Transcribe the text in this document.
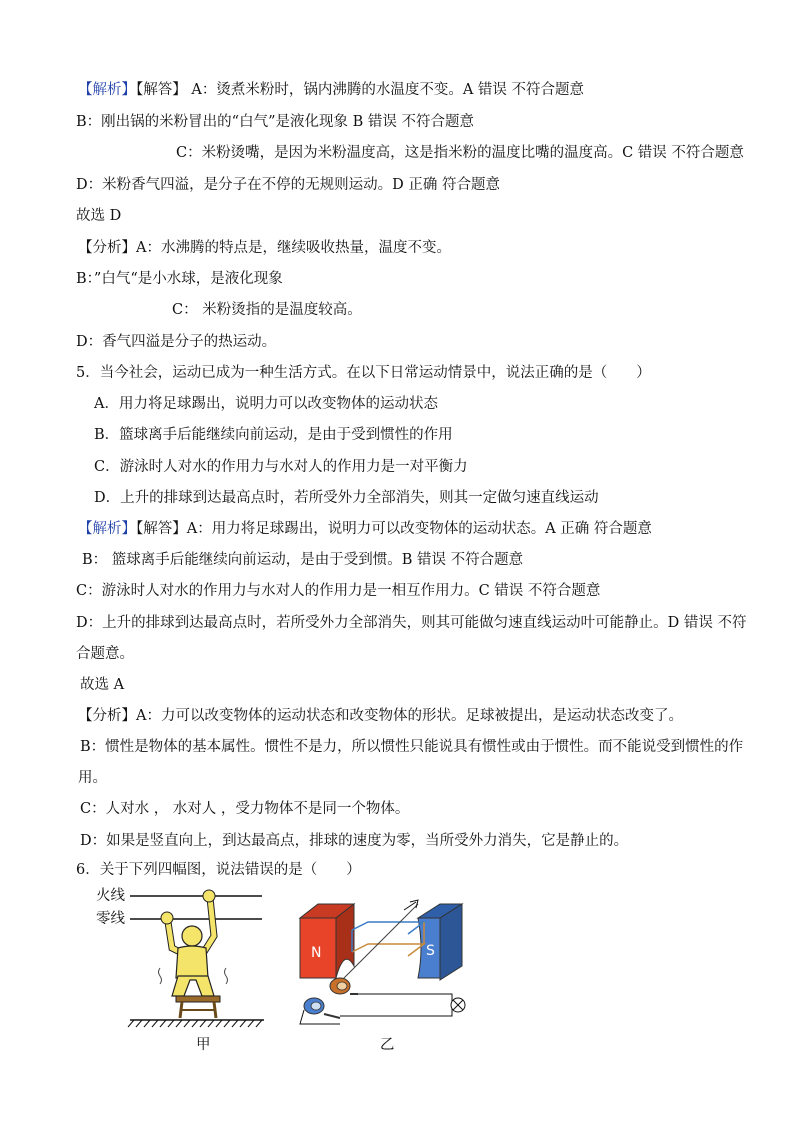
【解析】【解答】 A：烫煮米粉时，锅内沸腾的水温度不变。A 错误 不符合题意
B：刚出锅的米粉冒出的“白气”是液化现象 B 错误 不符合题意
C：米粉烫嘴，是因为米粉温度高，这是指米粉的温度比嘴的温度高。C 错误 不符合题意
D：米粉香气四溢，是分子在不停的无规则运动。D 正确 符合题意
故选 D
【分析】A：水沸腾的特点是，继续吸收热量，温度不变。
B：”白气“是小水球，是液化现象
C： 米粉烫指的是温度较高。
D：香气四溢是分子的热运动。
5．当今社会，运动已成为一种生活方式。在以下日常运动情景中，说法正确的是（　　）
A．用力将足球踢出，说明力可以改变物体的运动状态
B．篮球离手后能继续向前运动，是由于受到惯性的作用
C．游泳时人对水的作用力与水对人的作用力是一对平衡力
D．上升的排球到达最高点时，若所受外力全部消失，则其一定做匀速直线运动
【解析】【解答】A：用力将足球踢出，说明力可以改变物体的运动状态。A 正确 符合题意
B： 篮球离手后能继续向前运动，是由于受到惯。B 错误 不符合题意
C：游泳时人对水的作用力与水对人的作用力是一相互作用力。C 错误 不符合题意
D：上升的排球到达最高点时，若所受外力全部消失，则其可能做匀速直线运动叶可能静止。D 错误 不符
合题意。
故选 A
【分析】A：力可以改变物体的运动状态和改变物体的形状。足球被提出，是运动状态改变了。
B：惯性是物体的基本属性。惯性不是力，所以惯性只能说具有惯性或由于惯性。而不能说受到惯性的作
用。
C：人对水 ， 水对人 ，受力物体不是同一个物体。
D：如果是竖直向上，到达最高点，排球的速度为零，当所受外力消失，它是静止的。
6．关于下列四幅图，说法错误的是（　　）
火线
零线
甲	乙
N	S
